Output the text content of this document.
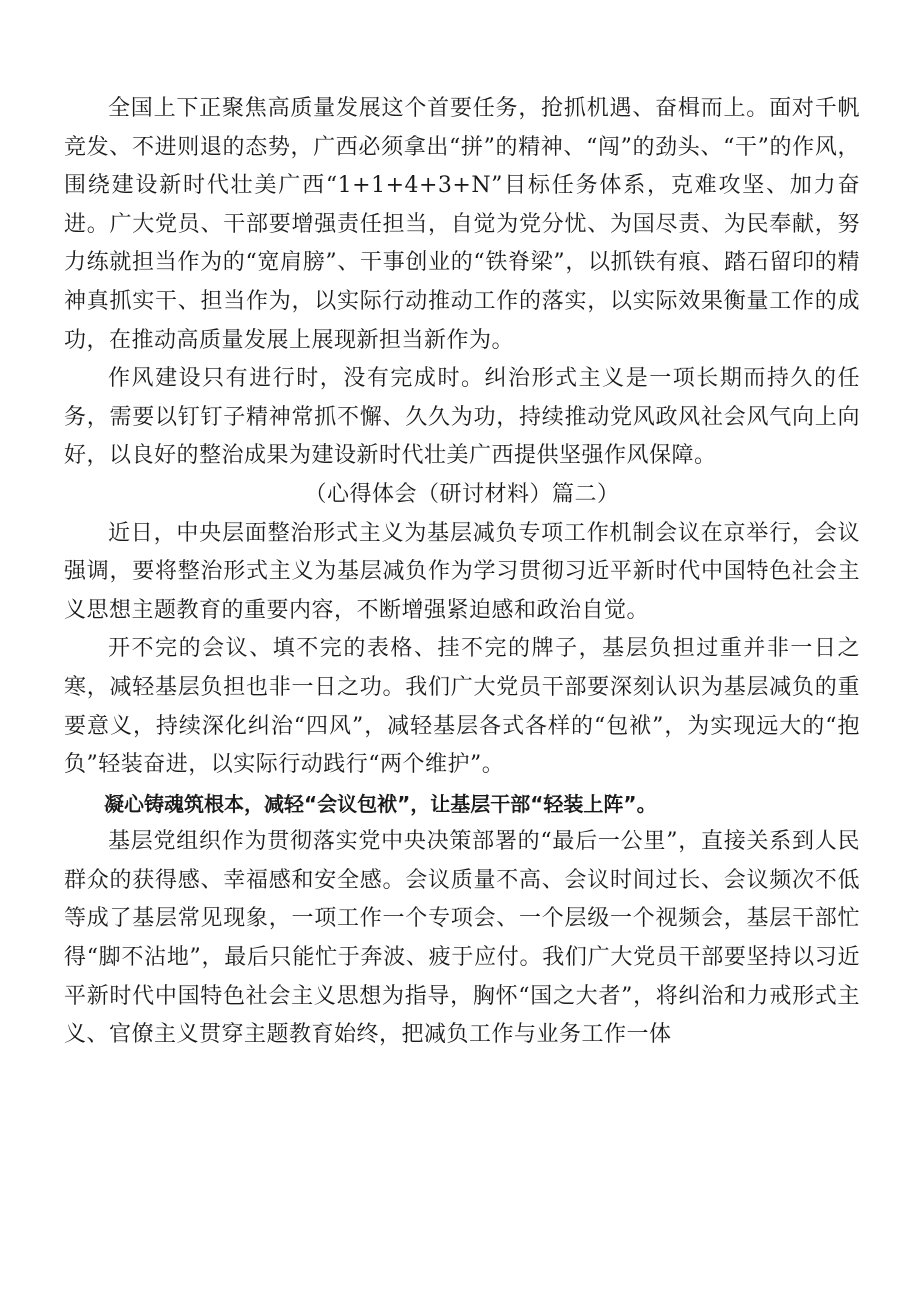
全国上下正聚焦高质量发展这个首要任务，抢抓机遇、奋楫而上。面对千帆竞发、不进则退的态势，广西必须拿出“拼”的精神、“闯”的劲头、“干”的作风，围绕建设新时代壮美广西“1+1+4+3+N”目标任务体系，克难攻坚、加力奋进。广大党员、干部要增强责任担当，自觉为党分忧、为国尽责、为民奉献，努力练就担当作为的“宽肩膀”、干事创业的“铁脊梁”，以抓铁有痕、踏石留印的精神真抓实干、担当作为，以实际行动推动工作的落实，以实际效果衡量工作的成功，在推动高质量发展上展现新担当新作为。

作风建设只有进行时，没有完成时。纠治形式主义是一项长期而持久的任务，需要以钉钉子精神常抓不懈、久久为功，持续推动党风政风社会风气向上向好，以良好的整治成果为建设新时代壮美广西提供坚强作风保障。

（心得体会（研讨材料）篇二）

近日，中央层面整治形式主义为基层减负专项工作机制会议在京举行，会议强调，要将整治形式主义为基层减负作为学习贯彻习近平新时代中国特色社会主义思想主题教育的重要内容，不断增强紧迫感和政治自觉。

开不完的会议、填不完的表格、挂不完的牌子，基层负担过重并非一日之寒，减轻基层负担也非一日之功。我们广大党员干部要深刻认识为基层减负的重要意义，持续深化纠治“四风”，减轻基层各式各样的“包袱”，为实现远大的“抱负”轻装奋进，以实际行动践行“两个维护”。

凝心铸魂筑根本，减轻“会议包袱”，让基层干部“轻装上阵”。

基层党组织作为贯彻落实党中央决策部署的“最后一公里”，直接关系到人民群众的获得感、幸福感和安全感。会议质量不高、会议时间过长、会议频次不低等成了基层常见现象，一项工作一个专项会、一个层级一个视频会，基层干部忙得“脚不沾地”，最后只能忙于奔波、疲于应付。我们广大党员干部要坚持以习近平新时代中国特色社会主义思想为指导，胸怀“国之大者”，将纠治和力戒形式主义、官僚主义贯穿主题教育始终，把减负工作与业务工作一体
